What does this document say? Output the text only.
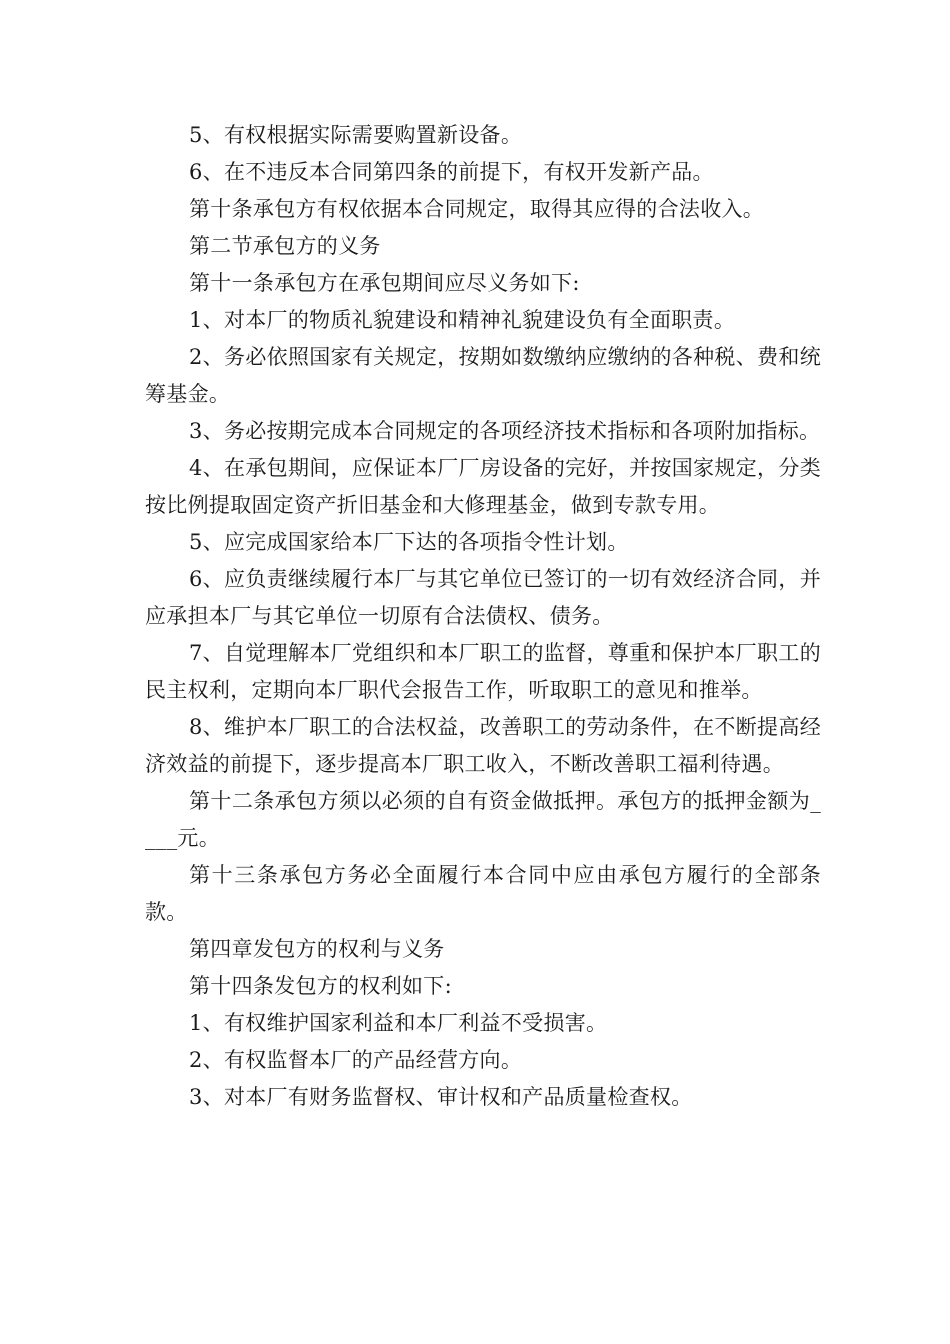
5、有权根据实际需要购置新设备。

6、在不违反本合同第四条的前提下，有权开发新产品。

第十条承包方有权依据本合同规定，取得其应得的合法收入。

第二节承包方的义务

第十一条承包方在承包期间应尽义务如下:

1、对本厂的物质礼貌建设和精神礼貌建设负有全面职责。

2、务必依照国家有关规定，按期如数缴纳应缴纳的各种税、费和统筹基金。

3、务必按期完成本合同规定的各项经济技术指标和各项附加指标。

4、在承包期间，应保证本厂厂房设备的完好，并按国家规定，分类按比例提取固定资产折旧基金和大修理基金，做到专款专用。

5、应完成国家给本厂下达的各项指令性计划。

6、应负责继续履行本厂与其它单位已签订的一切有效经济合同，并应承担本厂与其它单位一切原有合法债权、债务。

7、自觉理解本厂党组织和本厂职工的监督，尊重和保护本厂职工的民主权利，定期向本厂职代会报告工作，听取职工的意见和推举。

8、维护本厂职工的合法权益，改善职工的劳动条件，在不断提高经济效益的前提下，逐步提高本厂职工收入，不断改善职工福利待遇。

第十二条承包方须以必须的自有资金做抵押。承包方的抵押金额为____元。

第十三条承包方务必全面履行本合同中应由承包方履行的全部条款。

第四章发包方的权利与义务

第十四条发包方的权利如下:

1、有权维护国家利益和本厂利益不受损害。

2、有权监督本厂的产品经营方向。

3、对本厂有财务监督权、审计权和产品质量检查权。
